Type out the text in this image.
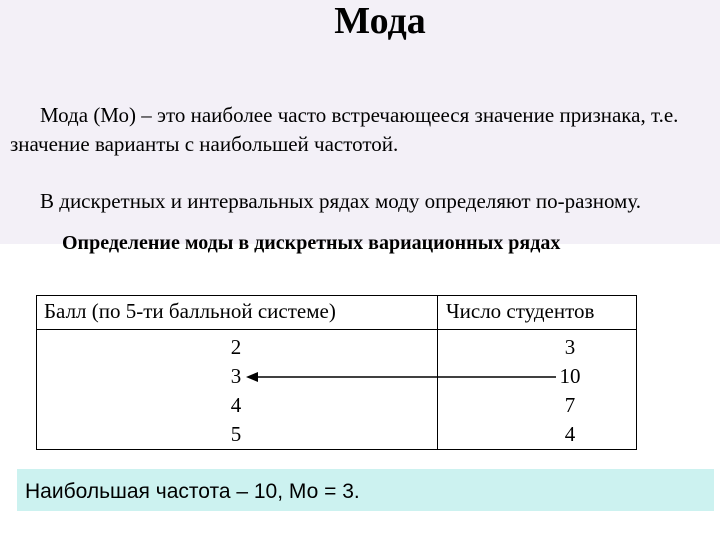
Мода
Мода (Мо) – это наиболее часто встречающееся значение признака, т.е. значение варианты с наибольшей частотой.
В дискретных и интервальных рядах моду определяют по-разному.
Определение моды в дискретных вариационных рядах
Балл (по 5-ти балльной системе)	Число студентов
2
3
4
5
3
10
7
4
Наибольшая частота – 10, Мо = 3.
